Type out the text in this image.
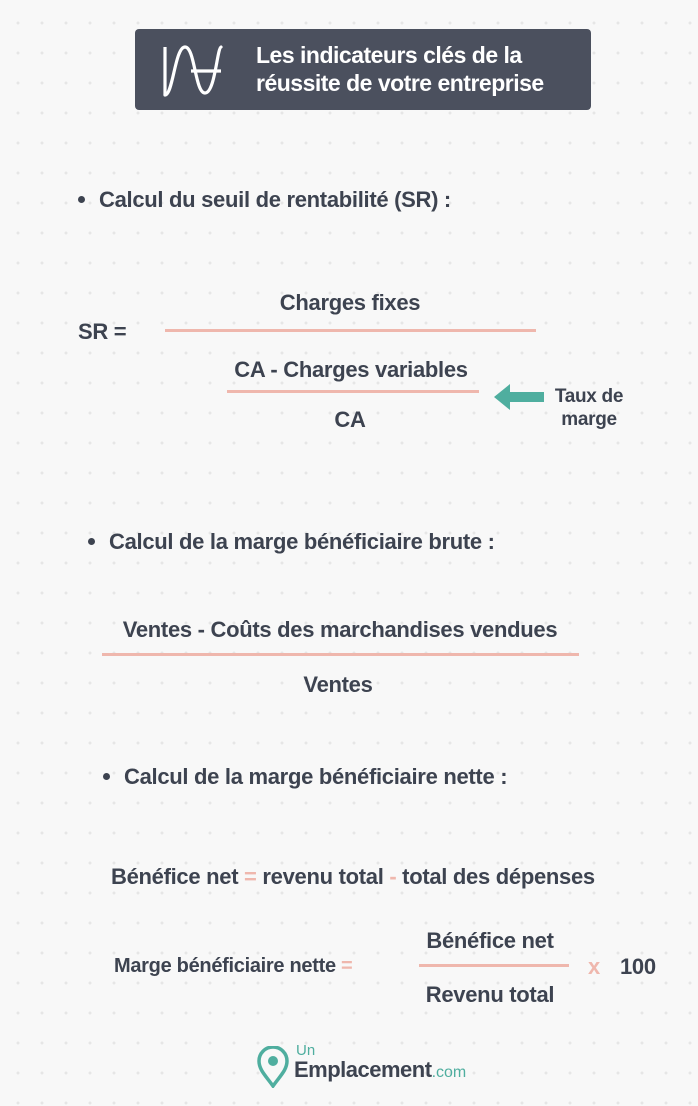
Les indicateurs clés de la
réussite de votre entreprise
Calcul du seuil de rentabilité (SR) :
SR =
Charges fixes
CA - Charges variables
CA
Taux de
marge
Calcul de la marge bénéficiaire brute :
Ventes - Coûts des marchandises vendues
Ventes
Calcul de la marge bénéficiaire nette :
Bénéfice net = revenu total - total des dépenses
Marge bénéficiaire nette =
Bénéfice net
Revenu total
x 100
Un
Emplacement.com
